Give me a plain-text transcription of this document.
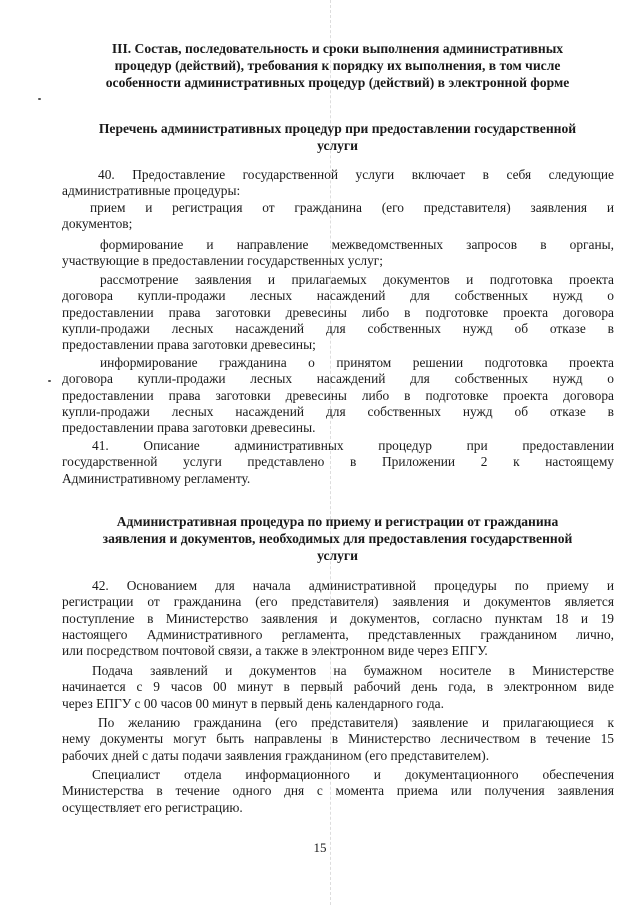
III. Состав, последовательность и сроки выполнения административных
процедур (действий), требования к порядку их выполнения, в том числе
особенности административных процедур (действий) в электронной форме
Перечень административных процедур при предоставлении государственной
услуги
40. Предоставление государственной услуги включает в себя следующие
административные процедуры:
прием и регистрация от гражданина (его представителя) заявления и
документов;
формирование и направление межведомственных запросов в органы,
участвующие в предоставлении государственных услуг;
рассмотрение заявления и прилагаемых документов и подготовка проекта
договора купли-продажи лесных насаждений для собственных нужд о
предоставлении права заготовки древесины либо в подготовке проекта договора
купли-продажи лесных насаждений для собственных нужд об отказе в
предоставлении права заготовки древесины;
информирование гражданина о принятом решении подготовка проекта
договора купли-продажи лесных насаждений для собственных нужд о
предоставлении права заготовки древесины либо в подготовке проекта договора
купли-продажи лесных насаждений для собственных нужд об отказе в
предоставлении права заготовки древесины.
41. Описание административных процедур при предоставлении
государственной услуги представлено в Приложении 2 к настоящему
Административному регламенту.
Административная процедура по приему и регистрации от гражданина
заявления и документов, необходимых для предоставления государственной
услуги
42. Основанием для начала административной процедуры по приему и
регистрации от гражданина (его представителя) заявления и документов является
поступление в Министерство заявления и документов, согласно пунктам 18 и 19
настоящего Административного регламента, представленных гражданином лично,
или посредством почтовой связи, а также в электронном виде через ЕПГУ.
Подача заявлений и документов на бумажном носителе в Министерстве
начинается с 9 часов 00 минут в первый рабочий день года, в электронном виде
через ЕПГУ с 00 часов 00 минут в первый день календарного года.
По желанию гражданина (его представителя) заявление и прилагающиеся к
нему документы могут быть направлены в Министерство лесничеством в течение 15
рабочих дней с даты подачи заявления гражданином (его представителем).
Специалист отдела информационного и документационного обеспечения
Министерства в течение одного дня с момента приема или получения заявления
осуществляет его регистрацию.
15
